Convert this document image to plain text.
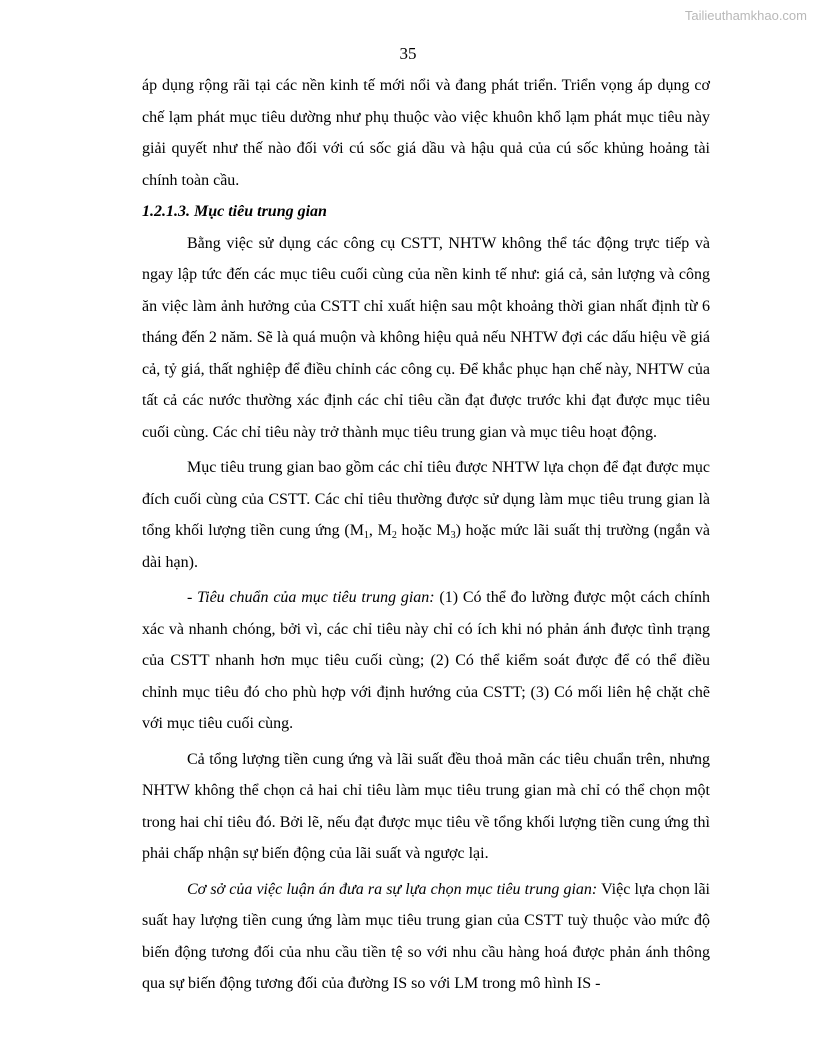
Tailieuthamkhao.com
35

áp dụng rộng rãi tại các nền kinh tế mới nổi và đang phát triển. Triển vọng áp dụng cơ chế lạm phát mục tiêu dường như phụ thuộc vào việc khuôn khổ lạm phát mục tiêu này giải quyết như thế nào đối với cú sốc giá dầu và hậu quả của cú sốc khủng hoảng tài chính toàn cầu.

1.2.1.3. Mục tiêu trung gian

Bằng việc sử dụng các công cụ CSTT, NHTW không thể tác động trực tiếp và ngay lập tức đến các mục tiêu cuối cùng của nền kinh tế như: giá cả, sản lượng và công ăn việc làm ảnh hưởng của CSTT chỉ xuất hiện sau một khoảng thời gian nhất định từ 6 tháng đến 2 năm. Sẽ là quá muộn và không hiệu quả nếu NHTW đợi các dấu hiệu về giá cả, tỷ giá, thất nghiệp để điều chỉnh các công cụ. Để khắc phục hạn chế này, NHTW của tất cả các nước thường xác định các chỉ tiêu cần đạt được trước khi đạt được mục tiêu cuối cùng. Các chỉ tiêu này trở thành mục tiêu trung gian và mục tiêu hoạt động.

Mục tiêu trung gian bao gồm các chỉ tiêu được NHTW lựa chọn để đạt được mục đích cuối cùng của CSTT. Các chỉ tiêu thường được sử dụng làm mục tiêu trung gian là tổng khối lượng tiền cung ứng ($M_1$, $M_2$ hoặc $M_3$) hoặc mức lãi suất thị trường (ngắn và dài hạn).

- Tiêu chuẩn của mục tiêu trung gian: (1) Có thể đo lường được một cách chính xác và nhanh chóng, bởi vì, các chỉ tiêu này chỉ có ích khi nó phản ánh được tình trạng của CSTT nhanh hơn mục tiêu cuối cùng; (2) Có thể kiểm soát được để có thể điều chỉnh mục tiêu đó cho phù hợp với định hướng của CSTT; (3) Có mối liên hệ chặt chẽ với mục tiêu cuối cùng.

Cả tổng lượng tiền cung ứng và lãi suất đều thoả mãn các tiêu chuẩn trên, nhưng NHTW không thể chọn cả hai chỉ tiêu làm mục tiêu trung gian mà chỉ có thể chọn một trong hai chỉ tiêu đó. Bởi lẽ, nếu đạt được mục tiêu về tổng khối lượng tiền cung ứng thì phải chấp nhận sự biến động của lãi suất và ngược lại.

Cơ sở của việc luận án đưa ra sự lựa chọn mục tiêu trung gian: Việc lựa chọn lãi suất hay lượng tiền cung ứng làm mục tiêu trung gian của CSTT tuỳ thuộc vào mức độ biến động tương đối của nhu cầu tiền tệ so với nhu cầu hàng hoá được phản ánh thông qua sự biến động tương đối của đường IS so với LM trong mô hình IS -
